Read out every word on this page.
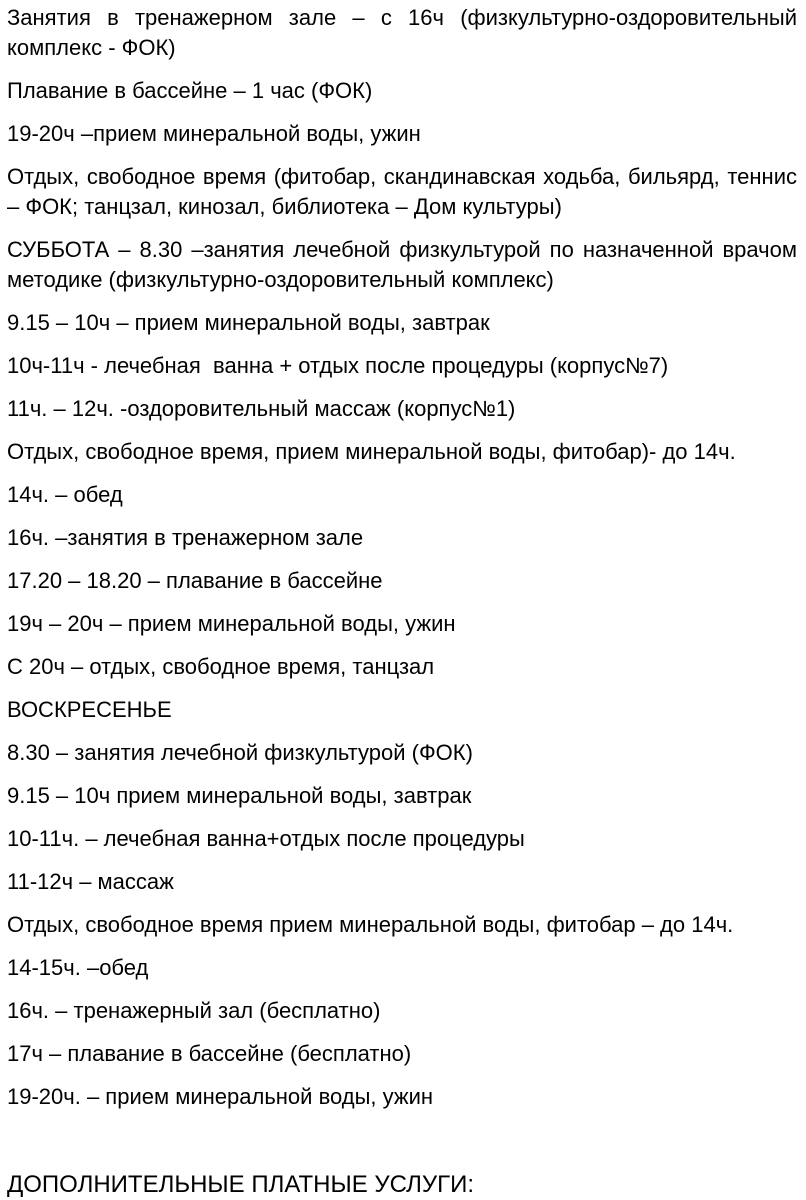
Занятия в тренажерном зале – с 16ч (физкультурно-оздоровительный комплекс - ФОК)

Плавание в бассейне – 1 час (ФОК)

19-20ч –прием минеральной воды, ужин

Отдых, свободное время (фитобар, скандинавская ходьба, бильярд, теннис – ФОК; танцзал, кинозал, библиотека – Дом культуры)

СУББОТА – 8.30 –занятия лечебной физкультурой по назначенной врачом методике (физкультурно-оздоровительный комплекс)

9.15 – 10ч – прием минеральной воды, завтрак

10ч-11ч - лечебная  ванна + отдых после процедуры (корпус№7)

11ч. – 12ч. -оздоровительный массаж (корпус№1)

Отдых, свободное время, прием минеральной воды, фитобар)- до 14ч.

14ч. – обед

16ч. –занятия в тренажерном зале

17.20 – 18.20 – плавание в бассейне

19ч – 20ч – прием минеральной воды, ужин

С 20ч – отдых, свободное время, танцзал

ВОСКРЕСЕНЬЕ

8.30 – занятия лечебной физкультурой (ФОК)

9.15 – 10ч прием минеральной воды, завтрак

10-11ч. – лечебная ванна+отдых после процедуры

11-12ч – массаж

Отдых, свободное время прием минеральной воды, фитобар – до 14ч.

14-15ч. –обед

16ч. – тренажерный зал (бесплатно)

17ч – плавание в бассейне (бесплатно)

19-20ч. – прием минеральной воды, ужин

ДОПОЛНИТЕЛЬНЫЕ ПЛАТНЫЕ УСЛУГИ:
